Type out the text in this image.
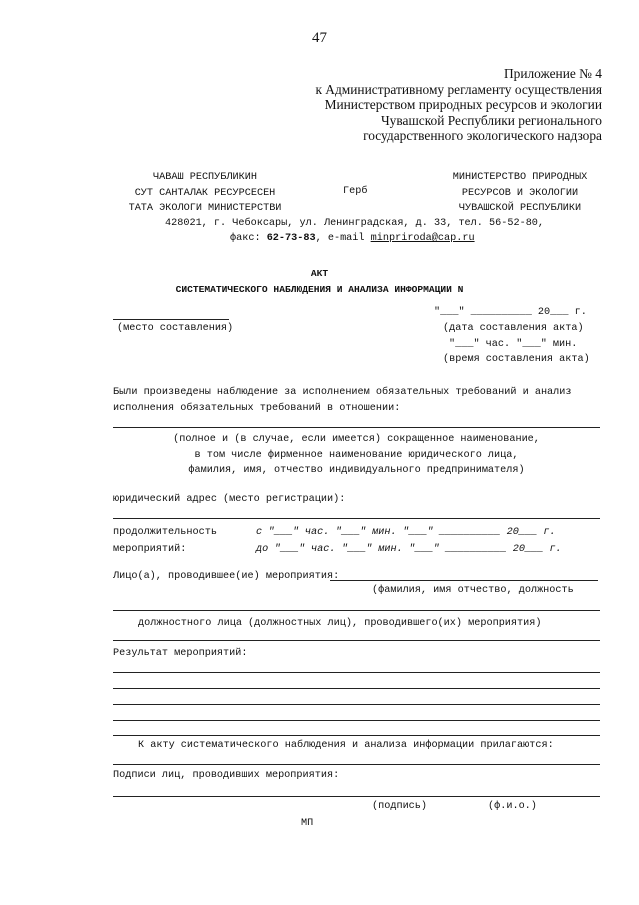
47
Приложение № 4
к Административному регламенту осуществления
Министерством природных ресурсов и экологии
Чувашской Республики регионального
государственного экологического надзора
ЧАВАШ РЕСПУБЛИКИН
СУТ САНТАЛАК РЕСУРСЕСЕН
ТАТА ЭКОЛОГИ МИНИСТЕРСТВИ
Герб
МИНИСТЕРСТВО ПРИРОДНЫХ
РЕСУРСОВ И ЭКОЛОГИИ
ЧУВАШСКОЙ РЕСПУБЛИКИ
428021, г. Чебоксары, ул. Ленинградская, д. 33, тел. 56-52-80,
факс: 62-73-83, e-mail minpriroda@cap.ru
АКТ
СИСТЕМАТИЧЕСКОГО НАБЛЮДЕНИЯ И АНАЛИЗА ИНФОРМАЦИИ N
(место составления)
"___" __________ 20___ г.
(дата составления акта)
"___" час. "___" мин.
(время составления акта)
Были произведены наблюдение за исполнением обязательных требований и анализ
исполнения обязательных требований в отношении:
(полное и (в случае, если имеется) сокращенное наименование,
в том числе фирменное наименование юридического лица,
фамилия, имя, отчество индивидуального предпринимателя)
юридический адрес (место регистрации):
продолжительность
мероприятий:
с "___" час. "___" мин. "___" __________ 20___ г.
до "___" час. "___" мин. "___" __________ 20___ г.
Лицо(а), проводившее(ие) мероприятия:
(фамилия, имя отчество, должность
должностного лица (должностных лиц), проводившего(их) мероприятия)
Результат мероприятий:
К акту систематического наблюдения и анализа информации прилагаются:
Подписи лиц, проводивших мероприятия:
(подпись)	(ф.и.о.)
МП
